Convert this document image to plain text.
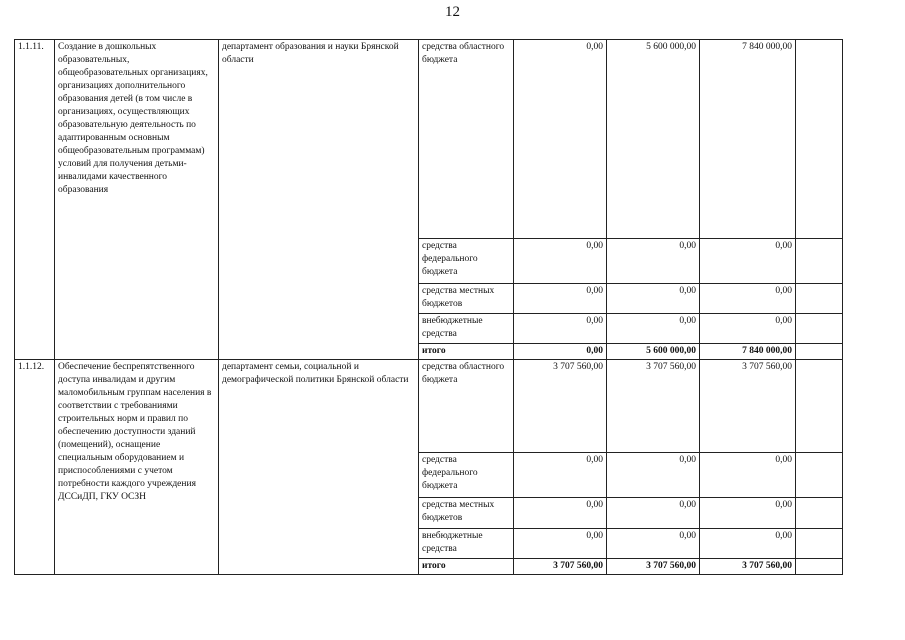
12
1.1.11.	Создание в дошкольных образовательных, общеобразовательных организациях, организациях дополнительного образования детей (в том числе в организациях, осуществляющих образовательную деятельность по адаптированным основным общеобразовательным программам) условий для получения детьми-инвалидами качественного образования	департамент образования и науки Брянской области	средства областного бюджета	0,00	5 600 000,00	7 840 000,00	
			средства федерального бюджета	0,00	0,00	0,00	
			средства местных бюджетов	0,00	0,00	0,00	
			внебюджетные средства	0,00	0,00	0,00	
			итого	0,00	5 600 000,00	7 840 000,00	
1.1.12.	Обеспечение беспрепятственного доступа инвалидам и другим маломобильным группам населения в соответствии с требованиями строительных норм и правил по обеспечению доступности зданий (помещений), оснащение специальным оборудованием и приспособлениями с учетом потребности каждого учреждения ДССиДП, ГКУ ОСЗН	департамент семьи, социальной и демографической политики Брянской области	средства областного бюджета	3 707 560,00	3 707 560,00	3 707 560,00	
			средства федерального бюджета	0,00	0,00	0,00	
			средства местных бюджетов	0,00	0,00	0,00	
			внебюджетные средства	0,00	0,00	0,00	
			итого	3 707 560,00	3 707 560,00	3 707 560,00	
